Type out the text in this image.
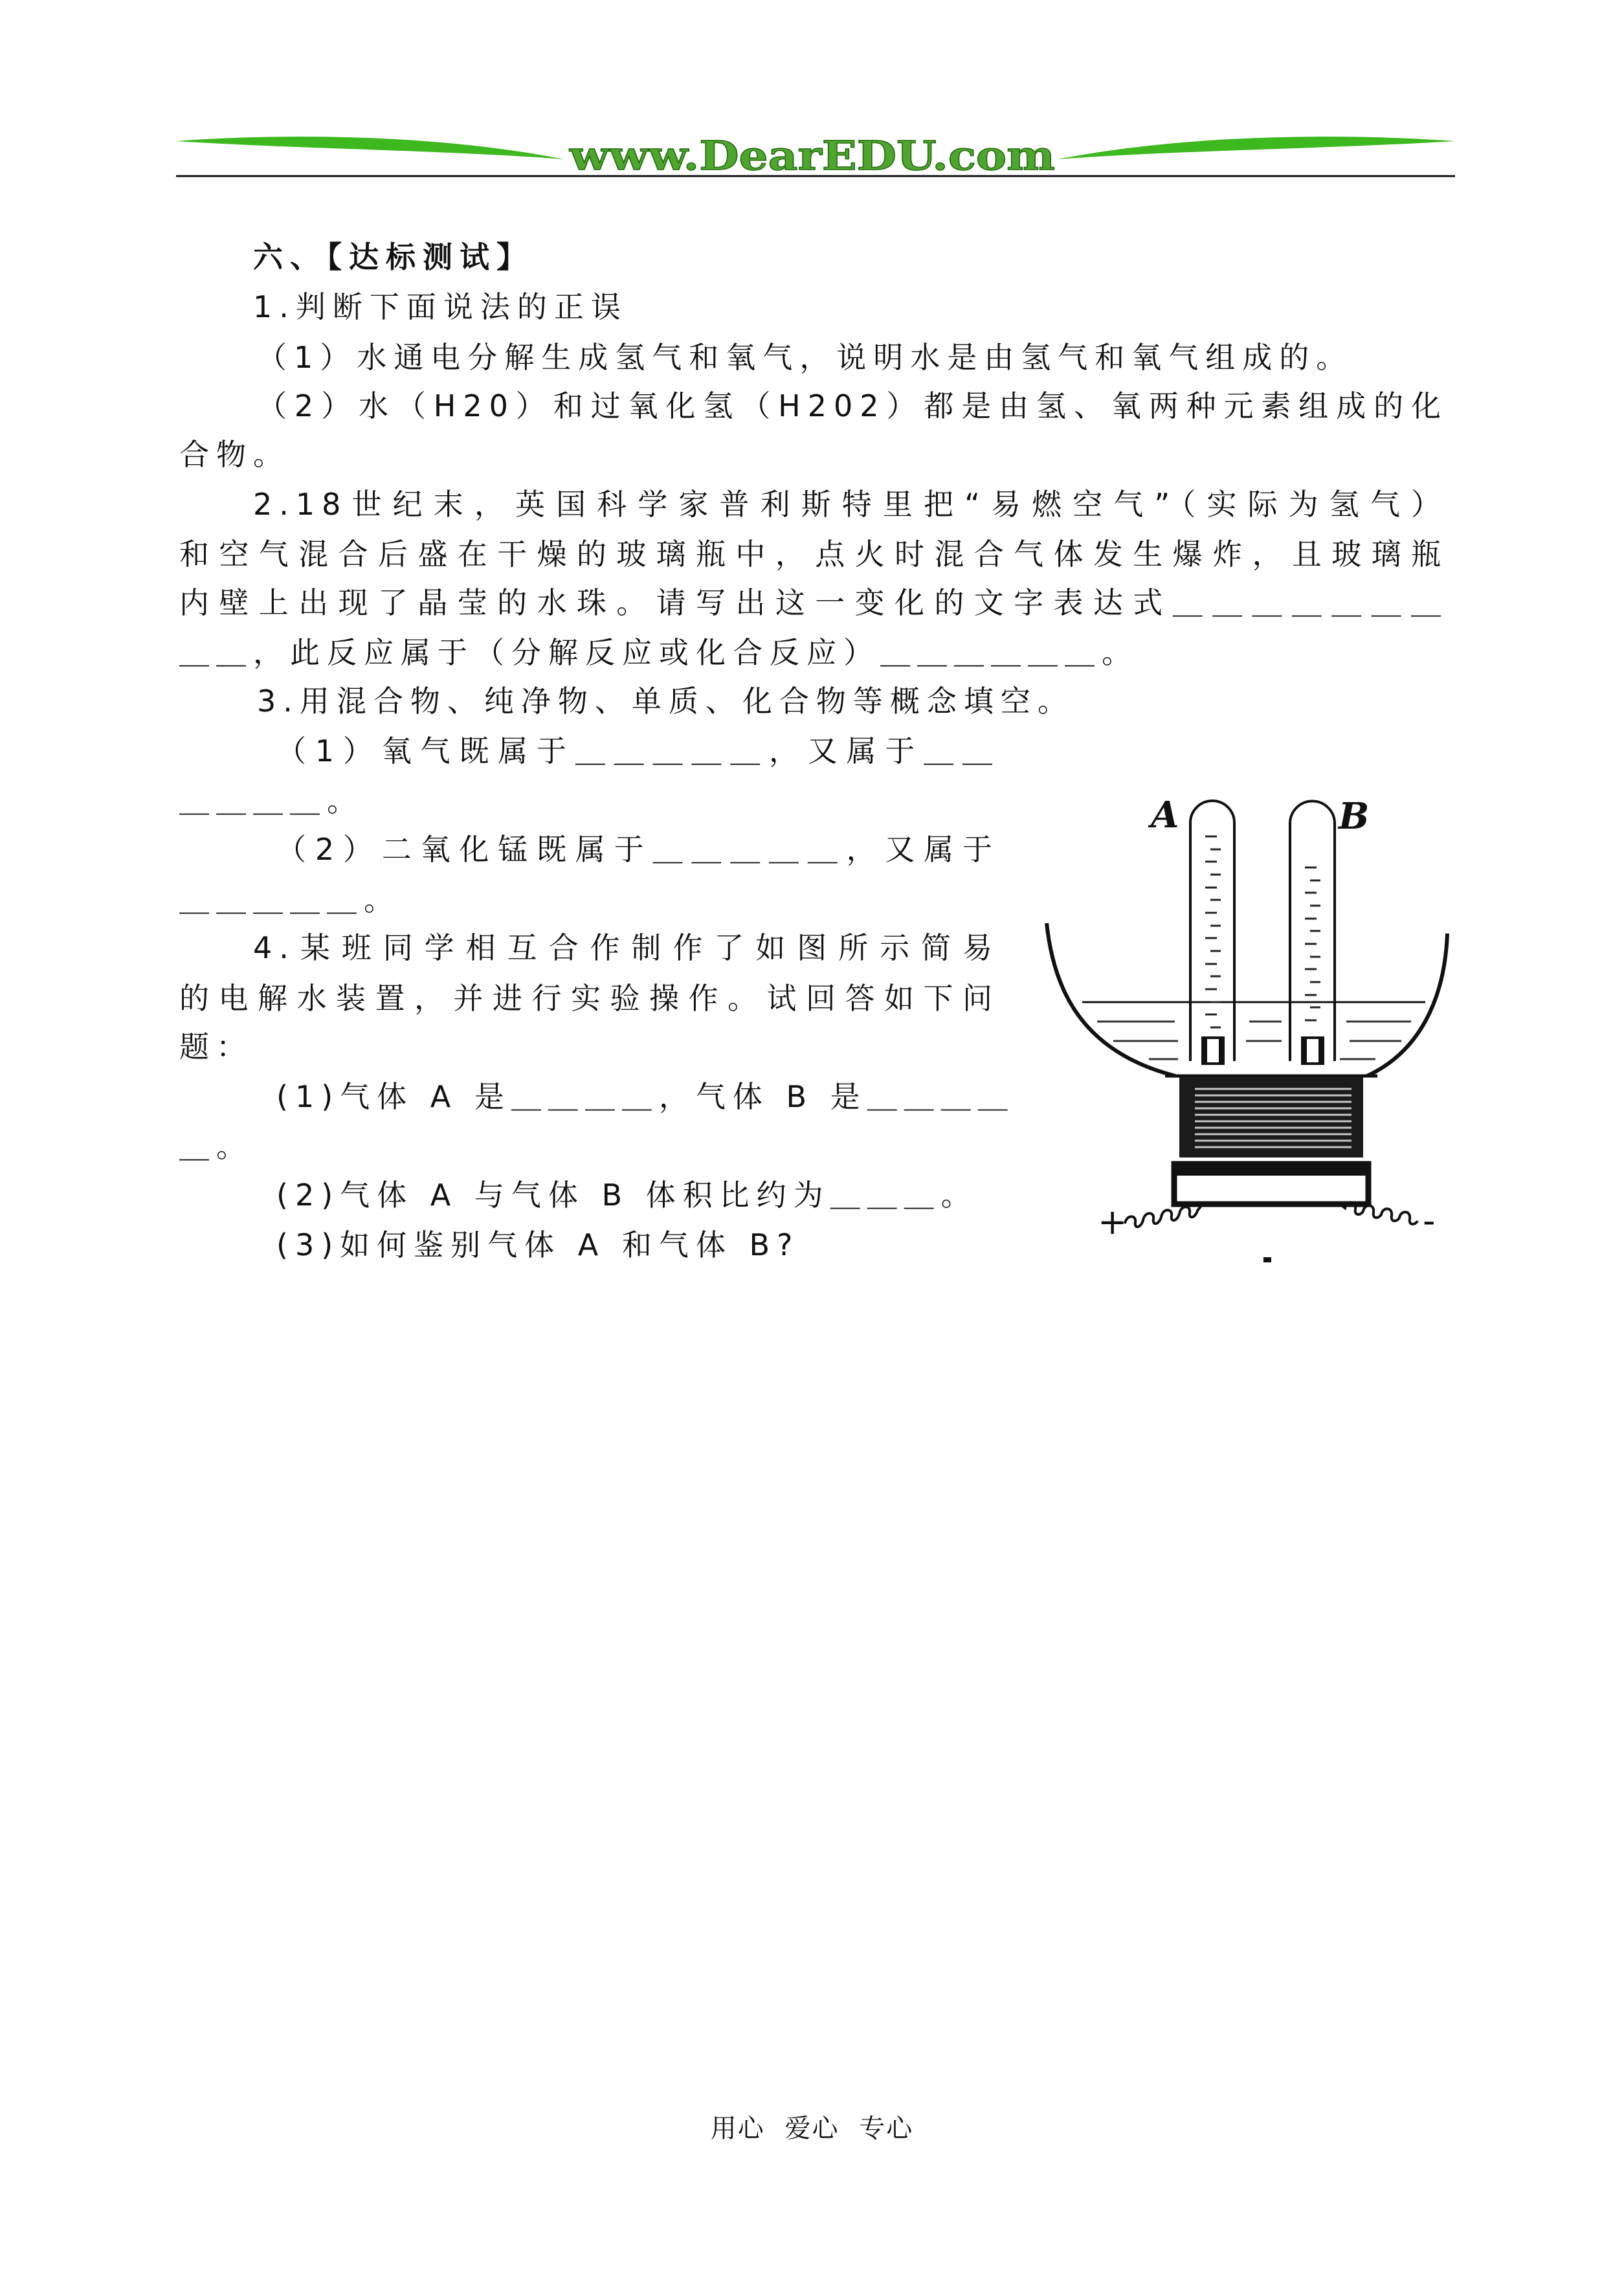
www.DearEDU.com
六、【达标测试】
1.判断下面说法的正误
（1）水通电分解生成氢气和氧气，说明水是由氢气和氧气组成的。
（2）水（H20）和过氧化氢（H202）都是由氢、氧两种元素组成的化
合物。
2.18世纪末，英国科学家普利斯特里把“易燃空气”（实际为氢气）
和空气混合后盛在干燥的玻璃瓶中，点火时混合气体发生爆炸，且玻璃瓶
内壁上出现了晶莹的水珠。请写出这一变化的文字表达式＿＿＿＿＿＿＿
＿＿，此反应属于（分解反应或化合反应）＿＿＿＿＿＿。
3.用混合物、纯净物、单质、化合物等概念填空。
（1）氧气既属于＿＿＿＿＿，又属于＿＿
＿＿＿＿。
（2）二氧化锰既属于＿＿＿＿＿，又属于
＿＿＿＿＿。
4.某班同学相互合作制作了如图所示简易
的电解水装置，并进行实验操作。试回答如下问
题：
(1)气体 A 是＿＿＿＿，气体 B 是＿＿＿＿
＿。
(2)气体 A 与气体 B 体积比约为＿＿＿。
(3)如何鉴别气体 A 和气体 B?
A	B
+	-
用心 爱心 专心
